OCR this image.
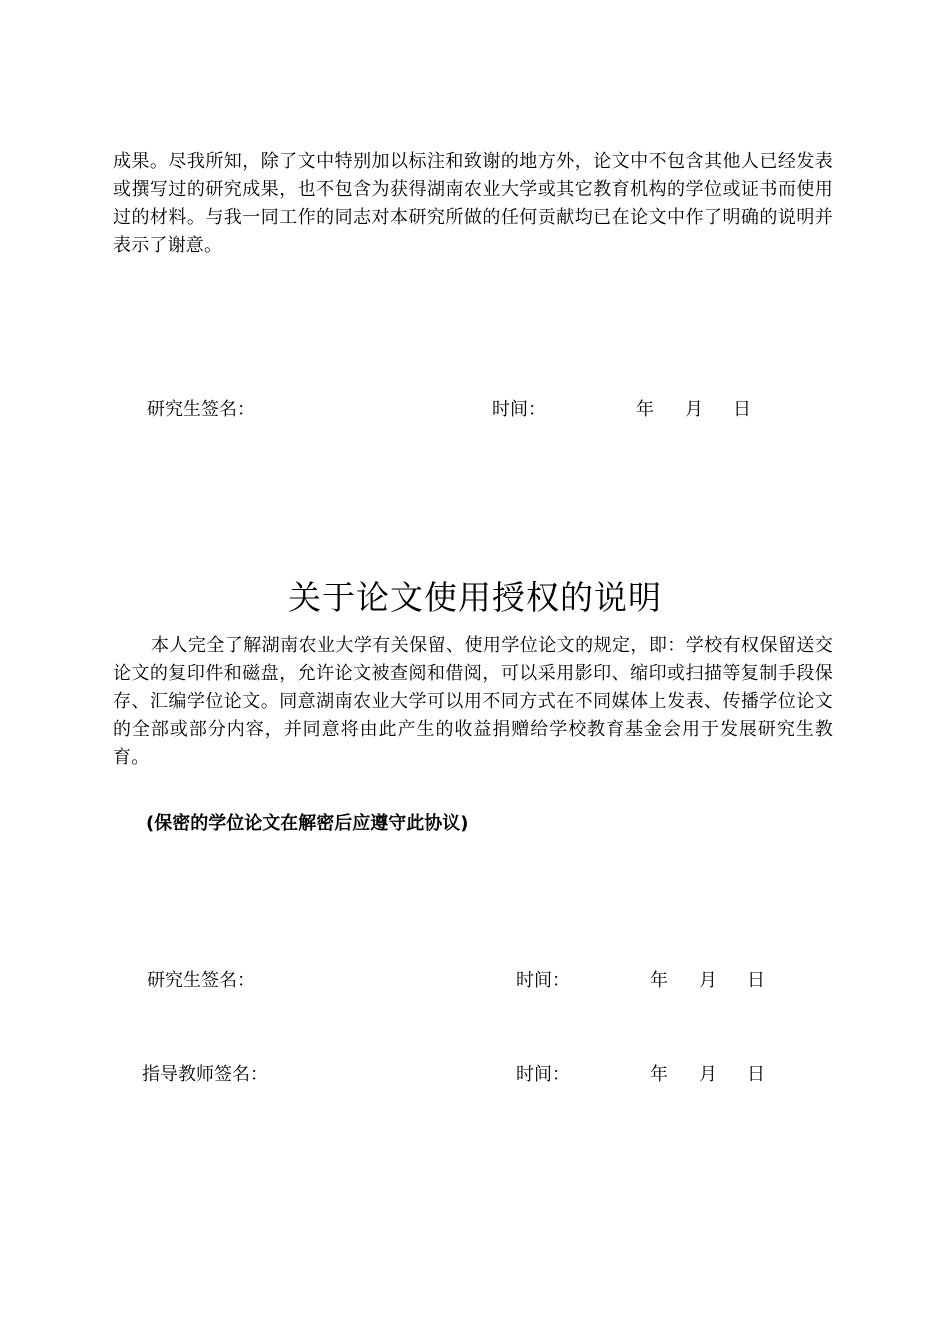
成果。尽我所知，除了文中特别加以标注和致谢的地方外，论文中不包含其他人已经发表或撰写过的研究成果，也不包含为获得湖南农业大学或其它教育机构的学位或证书而使用过的材料。与我一同工作的同志对本研究所做的任何贡献均已在论文中作了明确的说明并表示了谢意。

研究生签名：	时间：	年 月 日
关于论文使用授权的说明

本人完全了解湖南农业大学有关保留、使用学位论文的规定，即：学校有权保留送交论文的复印件和磁盘，允许论文被查阅和借阅，可以采用影印、缩印或扫描等复制手段保存、汇编学位论文。同意湖南农业大学可以用不同方式在不同媒体上发表、传播学位论文的全部或部分内容，并同意将由此产生的收益捐赠给学校教育基金会用于发展研究生教育。

(保密的学位论文在解密后应遵守此协议)
研究生签名：	时间：	年 月 日
指导教师签名：	时间：	年 月 日
